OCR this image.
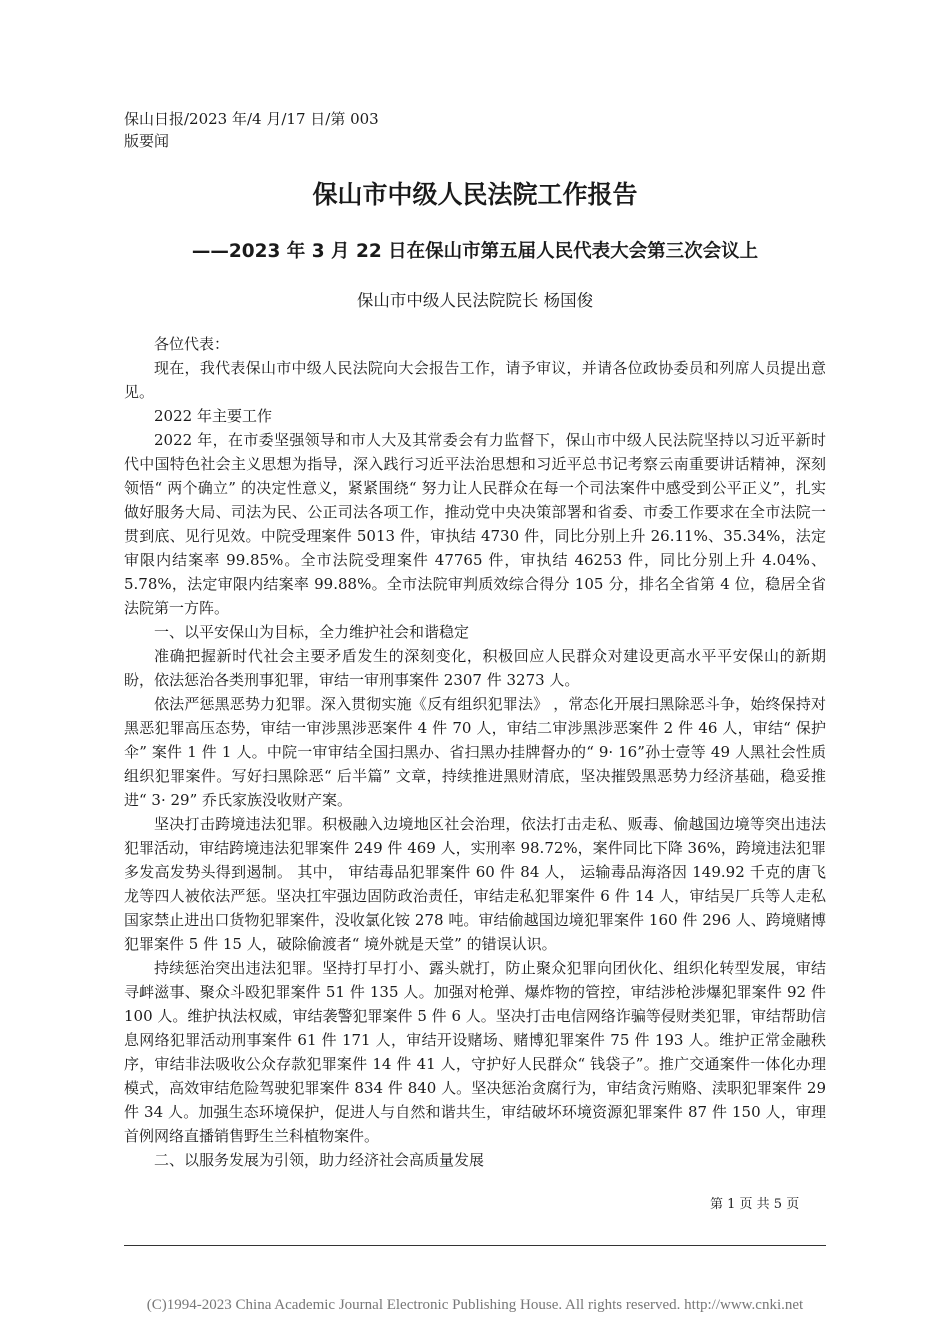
保山日报/2023 年/4 月/17 日/第 003
版要闻
保山市中级人民法院工作报告
——2023 年 3 月 22 日在保山市第五届人民代表大会第三次会议上
保山市中级人民法院院长 杨国俊

各位代表：

现在，我代表保山市中级人民法院向大会报告工作，请予审议，并请各位政协委员和列席人员提出意见。

2022 年主要工作

2022 年，在市委坚强领导和市人大及其常委会有力监督下，保山市中级人民法院坚持以习近平新时代中国特色社会主义思想为指导，深入践行习近平法治思想和习近平总书记考察云南重要讲话精神，深刻领悟“ 两个确立” 的决定性意义，紧紧围绕“ 努力让人民群众在每一个司法案件中感受到公平正义”，扎实做好服务大局、司法为民、公正司法各项工作，推动党中央决策部署和省委、市委工作要求在全市法院一贯到底、见行见效。中院受理案件 5013 件，审执结 4730 件，同比分别上升 26.11%、35.34%，法定审限内结案率 99.85%。全市法院受理案件 47765 件，审执结 46253 件，同比分别上升 4.04%、5.78%，法定审限内结案率 99.88%。全市法院审判质效综合得分 105 分，排名全省第 4 位，稳居全省法院第一方阵。

一、以平安保山为目标，全力维护社会和谐稳定

准确把握新时代社会主要矛盾发生的深刻变化，积极回应人民群众对建设更高水平平安保山的新期盼，依法惩治各类刑事犯罪，审结一审刑事案件 2307 件 3273 人。

依法严惩黑恶势力犯罪。深入贯彻实施《反有组织犯罪法》 ，常态化开展扫黑除恶斗争，始终保持对黑恶犯罪高压态势，审结一审涉黑涉恶案件 4 件 70 人，审结二审涉黑涉恶案件 2 件 46 人，审结“ 保护伞” 案件 1 件 1 人。中院一审审结全国扫黑办、省扫黑办挂牌督办的“ 9· 16”孙士壹等 49 人黑社会性质组织犯罪案件。写好扫黑除恶“ 后半篇” 文章，持续推进黑财清底，坚决摧毁黑恶势力经济基础，稳妥推进“ 3· 29” 乔氏家族没收财产案。

坚决打击跨境违法犯罪。积极融入边境地区社会治理，依法打击走私、贩毒、偷越国边境等突出违法犯罪活动，审结跨境违法犯罪案件 249 件 469 人，实刑率 98.72%，案件同比下降 36%，跨境违法犯罪多发高发势头得到遏制。 其中， 审结毒品犯罪案件 60 件 84 人， 运输毒品海洛因 149.92 千克的唐飞龙等四人被依法严惩。坚决扛牢强边固防政治责任，审结走私犯罪案件 6 件 14 人，审结吴厂兵等人走私国家禁止进出口货物犯罪案件，没收氯化铵 278 吨。审结偷越国边境犯罪案件 160 件 296 人、跨境赌博犯罪案件 5 件 15 人，破除偷渡者“ 境外就是天堂” 的错误认识。

持续惩治突出违法犯罪。坚持打早打小、露头就打，防止聚众犯罪向团伙化、组织化转型发展，审结寻衅滋事、聚众斗殴犯罪案件 51 件 135 人。加强对枪弹、爆炸物的管控，审结涉枪涉爆犯罪案件 92 件 100 人。维护执法权威，审结袭警犯罪案件 5 件 6 人。坚决打击电信网络诈骗等侵财类犯罪，审结帮助信息网络犯罪活动刑事案件 61 件 171 人，审结开设赌场、赌博犯罪案件 75 件 193 人。维护正常金融秩序，审结非法吸收公众存款犯罪案件 14 件 41 人，守护好人民群众“ 钱袋子”。推广交通案件一体化办理模式，高效审结危险驾驶犯罪案件 834 件 840 人。坚决惩治贪腐行为，审结贪污贿赂、渎职犯罪案件 29 件 34 人。加强生态环境保护，促进人与自然和谐共生，审结破坏环境资源犯罪案件 87 件 150 人，审理首例网络直播销售野生兰科植物案件。

二、以服务发展为引领，助力经济社会高质量发展

第 1 页 共 5 页
(C)1994-2023 China Academic Journal Electronic Publishing House. All rights reserved. http://www.cnki.net
